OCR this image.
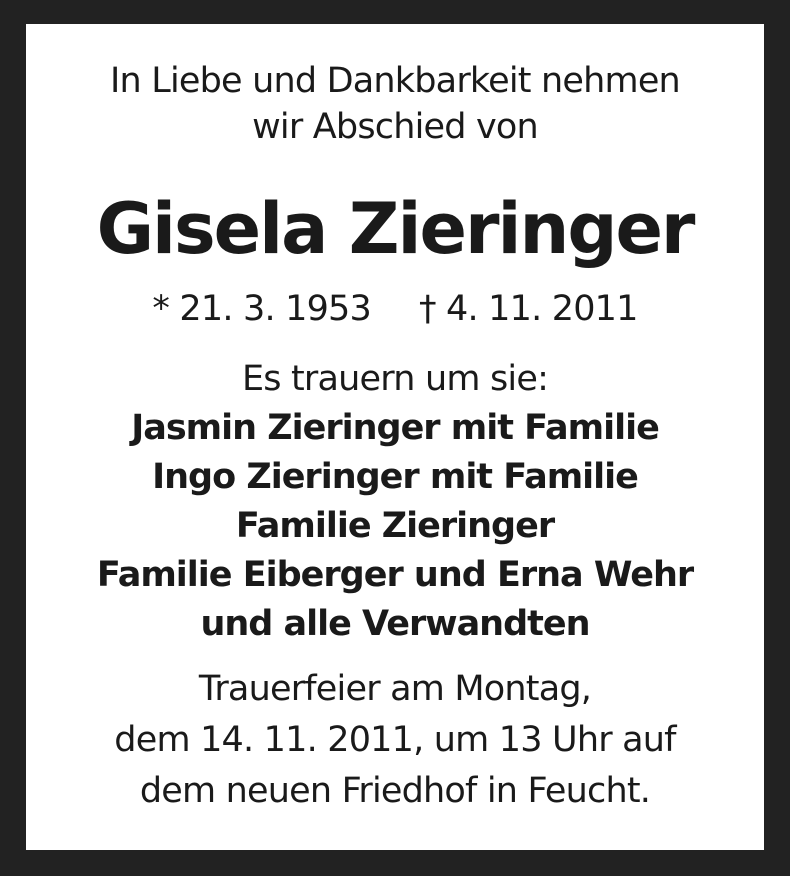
In Liebe und Dankbarkeit nehmen
wir Abschied von
Gisela Zieringer
* 21. 3. 1953 † 4. 11. 2011
Es trauern um sie:
Jasmin Zieringer mit Familie
Ingo Zieringer mit Familie
Familie Zieringer
Familie Eiberger und Erna Wehr
und alle Verwandten
Trauerfeier am Montag,
dem 14. 11. 2011, um 13 Uhr auf
dem neuen Friedhof in Feucht.
